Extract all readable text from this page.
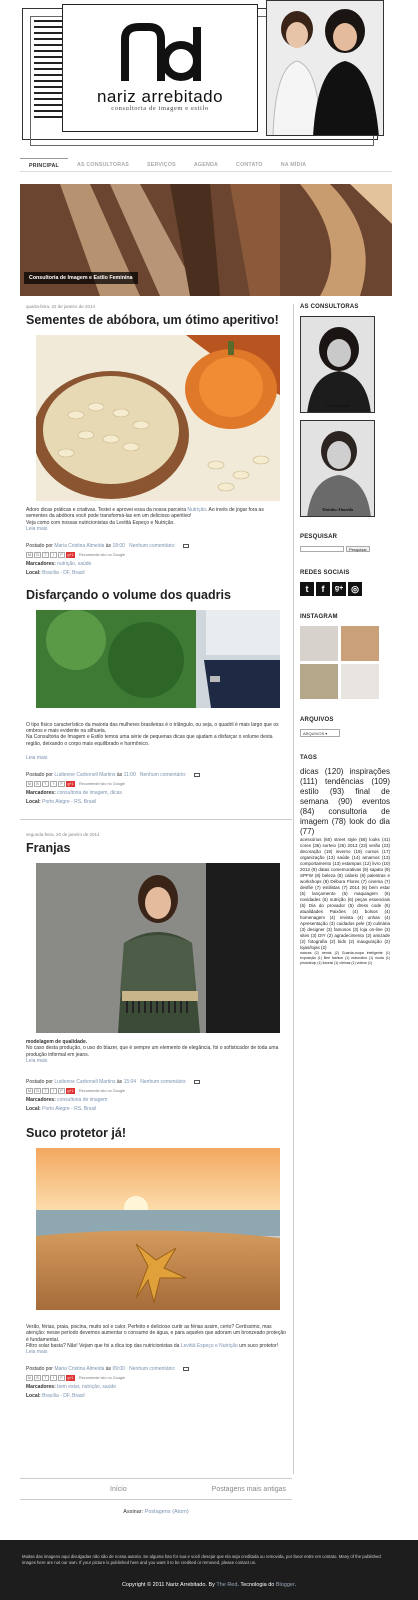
nariz arrebitado
consultoria de imagem e estilo
PRINCIPAL	AS CONSULTORAS	SERVIÇOS	AGENDA	CONTATO	NA MÍDIA
Consultoria de Imagem e Estilo Feminina
quarta-feira, 22 de janeiro de 2014
Sementes de abóbora, um ótimo aperitivo!
Adoro dicas práticas e criativas. Testei e aprovei essa da nossa parceira Nutrição. Ao invés de jogar fora as sementes da abóbora você pode transformá-las em um delicioso aperitivo!
Veja como com nossas nutricionistas da Levittá Espeço e Nutrição.
Leia mais
Postado por Maria Cristina Almeida às 18:00 Nenhum comentário:
M	B	T	f	P	g+1	Recomende isto no Google
Marcadores: nutrição, saúde
Local: Brasília - DF, Brasil
Disfarçando o volume dos quadris
O tipo físico característico da maioria das mulheres brasileiras é o triângulo, ou seja, o quadril é mais largo que os ombros e mais evidente na silhueta.
Na Consultoria de Imagem e Estilo temos uma série de pequenas dicas que ajudam a disfarçar o volume desta região, deixando o corpo mais equilibrado e harmônico.
Leia mais
Postado por Ludienne Carbonell Martins às 11:00 Nenhum comentário:
M	B	T	f	P	g+1	Recomende isto no Google
Marcadores: consultoria de imagem, dicas
Local: Porto Alegre - RS, Brasil
segunda-feira, 20 de janeiro de 2014
Franjas
modelagem de qualidade.
No caso desta produção, o uso do blazer, que é sempre um elemento de elegância, foi o sofisticador de toda uma produção informal em jeans.
Leia mais
Postado por Ludienne Carbonell Martins às 15:04 Nenhum comentário:
M	B	T	f	P	g+1	Recomende isto no Google
Marcadores: consultoria de imagem
Local: Porto Alegre - RS, Brasil
Suco protetor já!
Verão, férias, praia, piscina, muito sol e calor. Perfeito e delicioso curtir as férias assim, certo? Certíssimo, mas atenção: nesse período devemos aumentar o consumo de água, e para aqueles que adoram um bronzeado proteção é fundamental.
Filtro solar basta? Não! Vejam que foi a dica top das nutricionistas da Levittá Espeço e Nutrição um suco protetor!
Leia mais
Postado por Maria Cristina Almeida às 09:00 Nenhum comentário:
M	B	T	f	P	g+1	Recomende isto no Google
Marcadores: bem estar, nutrição, saúde
Local: Brasília - DF, Brasil
AS CONSULTORAS
Lu Carbonell
Tininha Almeida
PESQUISAR
Pesquisar
REDES SOCIAIS
t	f	g+ ◎
INSTAGRAM
ARQUIVOS
ARQUIVOS ▾
TAGS
dicas (120) inspirações (111) tendências (109) estilo (93) final de semana (90) eventos (84) consultoria de imagem (78) look do dia (77)
acessórios (60) street style (58) looks (41) cores (36) sorteio (26) 2013 (23) verão (23) decoração (19) inverno (19) cursos (17) organização (13) saúde (14) amamos (13) comportamento (13) estampas (12) livro (10) 2012 (9) datas comemorativas (9) sapato (9) SPFW (8) beleza (8) cabelo (8) palestras e workshops (8) Débora Flores (7) cinema (7) desfile (7) estilistas (7) 2014 (6) bem estar (6) lançamento (6) maquiagem (6) novidades (6) nutrição (6) peças essenciais (6) Dia do provador (5) dress code (5) atualidades Paixões (4) bolsos (4) homenagem (4) revista (4) unhas (4) Apresentação (3) cuidados pele (3) culinária (3) designer (3) famosos (3) loja on-line (3) sites (3) DIY (2) agradecimento (2) amizade (2) fotografia (2) kids (2) inauguração (2) lojas/lojas (2)
marcas (2) trends (2) Guarda-roupa inteligente (1) exposição (1) Bee fashion (1) masculino (1) moda (1) photoshop (1) tutorial (1) vitrinas (1) vídeos (1)
Início	Postagens mais antigas
Assinar: Postagens (Atom)
Muitas das imagens aqui divulgadas não são de nossa autoria. Se alguma foto for sua e você desejar que ela seja creditada ou removida, por favor entre em contato. Many of the published images here are not our own. If your picture is published here and you want it to be credited or removed, please contact us.
Copyright © 2011 Nariz Arrebitado. By The Red. Tecnologia do Blogger.
